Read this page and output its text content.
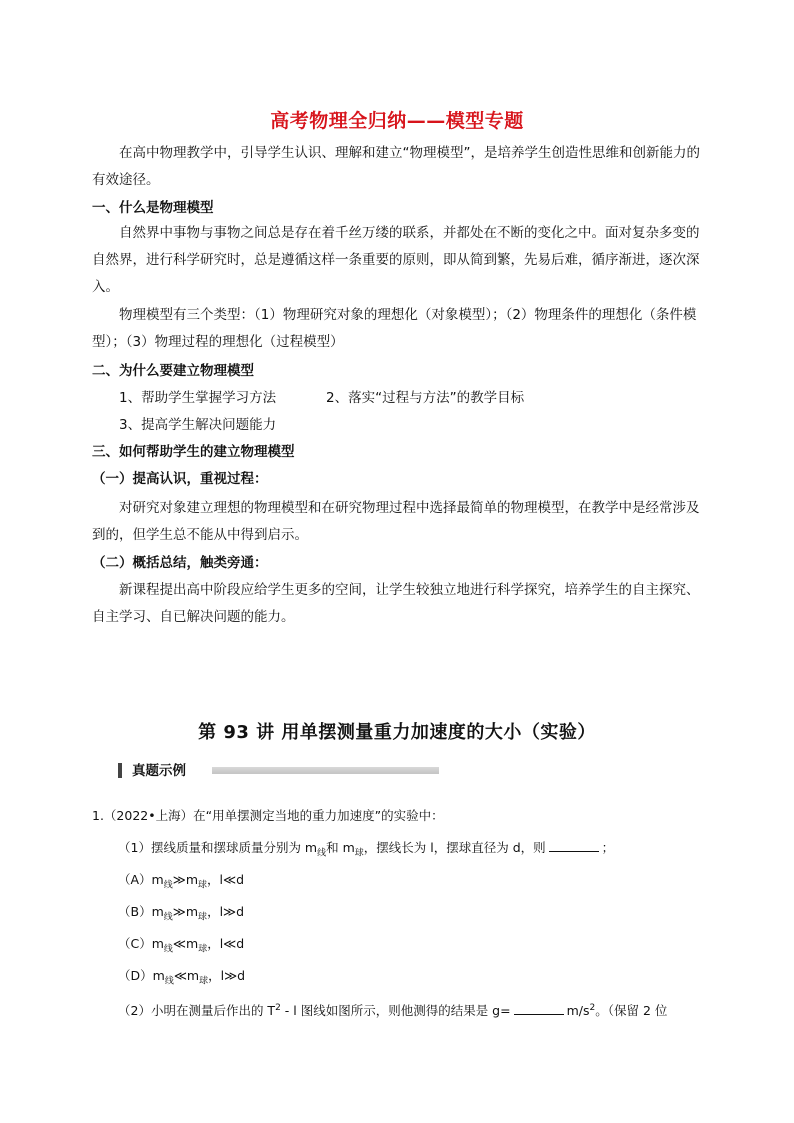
高考物理全归纳——模型专题
在高中物理教学中，引导学生认识、理解和建立“物理模型”，是培养学生创造性思维和创新能力的有效途径。
一、什么是物理模型
自然界中事物与事物之间总是存在着千丝万缕的联系，并都处在不断的变化之中。面对复杂多变的自然界，进行科学研究时，总是遵循这样一条重要的原则，即从简到繁，先易后难，循序渐进，逐次深入。
物理模型有三个类型：（1）物理研究对象的理想化（对象模型）；（2）物理条件的理想化（条件模型）；（3）物理过程的理想化（过程模型）
二、为什么要建立物理模型
1、帮助学生掌握学习方法	2、落实“过程与方法”的教学目标
3、提高学生解决问题能力
三、如何帮助学生的建立物理模型
（一）提高认识，重视过程：
对研究对象建立理想的物理模型和在研究物理过程中选择最简单的物理模型，在教学中是经常涉及到的，但学生总不能从中得到启示。
（二）概括总结，触类旁通：
新课程提出高中阶段应给学生更多的空间，让学生较独立地进行科学探究，培养学生的自主探究、自主学习、自已解决问题的能力。
第 93 讲 用单摆测量重力加速度的大小（实验）
真题示例
1.（2022•上海）在“用单摆测定当地的重力加速度”的实验中：
（1）摆线质量和摆球质量分别为 $m_线$和 $m_球$，摆线长为 l，摆球直径为 d，则	；
$(A)m_线≫m_球$，l≪d
$(B)m_线≫m_球$，l≫d
$(C)m_线≪m_球$，l≪d
$(D)m_线≪m_球$，l≫d
（2）小明在测量后作出的 $T^2$ - l 图线如图所示，则他测得的结果是 g=	$m/s^2$。（保留 2 位
